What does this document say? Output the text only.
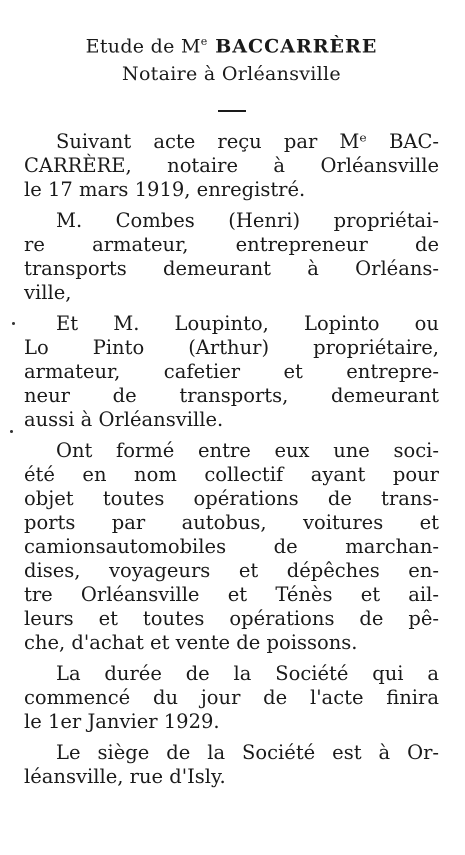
Etude de Me BACCARRÈRE

Notaire à Orléansville

Suivant acte reçu par Mᵉ BAC-
CARRÈRE, notaire à Orléansville
le 17 mars 1919, enregistré.

M. Combes (Henri) propriétai-
re armateur, entrepreneur de
transports demeurant à Orléans-
ville,

Et M. Loupinto, Lopinto ou
Lo Pinto (Arthur) propriétaire,
armateur, cafetier et entrepre-
neur de transports, demeurant
aussi à Orléansville.

Ont formé entre eux une soci-
été en nom collectif ayant pour
objet toutes opérations de trans-
ports par autobus, voitures et
camionsautomobiles de marchan-
dises, voyageurs et dépêches en-
tre Orléansville et Ténès et ail-
leurs et toutes opérations de pê-
che, d'achat et vente de poissons.

La durée de la Société qui a
commencé du jour de l'acte finira
le 1er Janvier 1929.

Le siège de la Société est à Or-
léansville, rue d'Isly.
